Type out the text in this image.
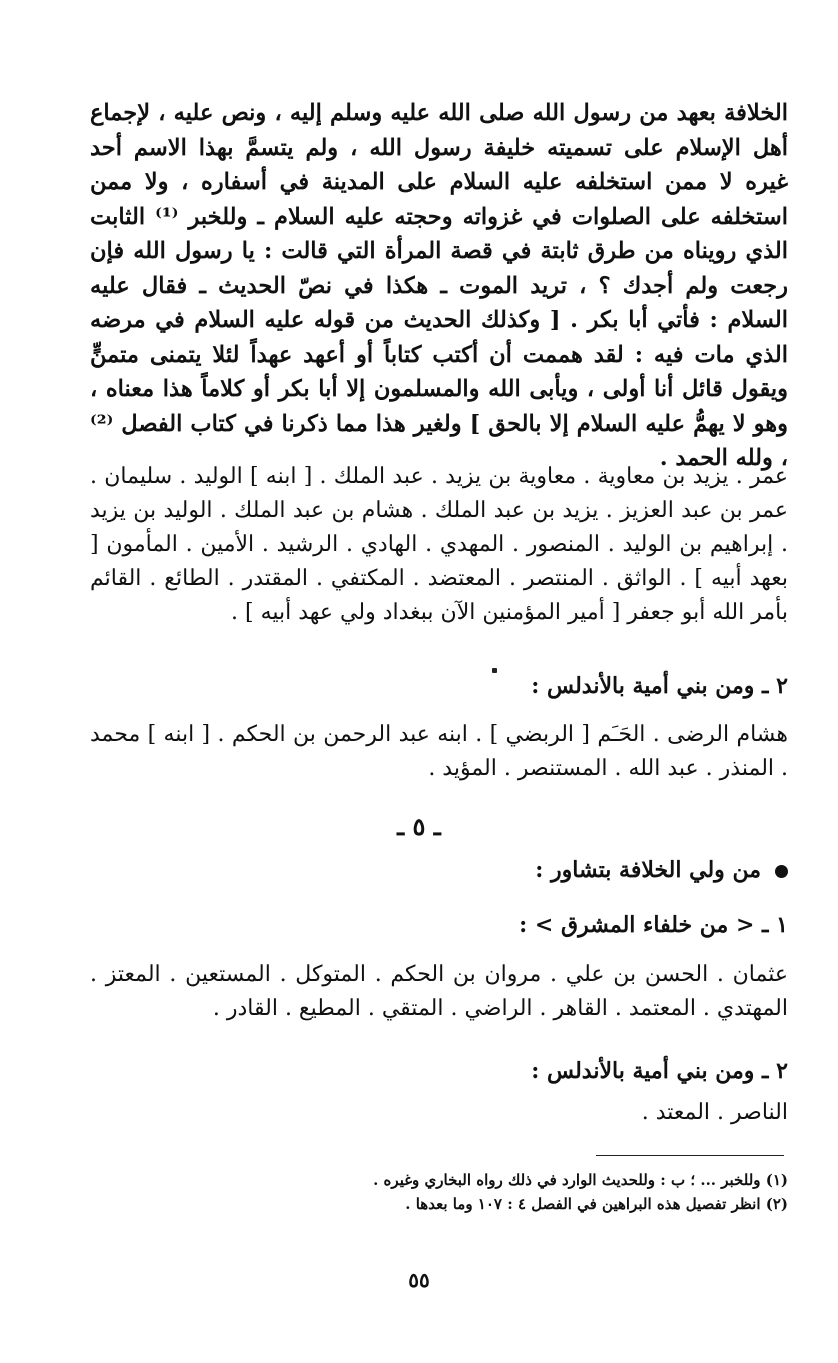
الخلافة بعهد من رسول الله صلى الله عليه وسلم إليه ، ونص عليه ، لإجماع أهل الإسلام على تسميته خليفة رسول الله ، ولم يتسمَّ بهذا الاسم أحد غيره لا ممن استخلفه عليه السلام على المدينة في أسفاره ، ولا ممن استخلفه على الصلوات في غزواته وحجته عليه السلام ـ وللخبر ⁽¹⁾ الثابت الذي رويناه من طرق ثابتة في قصة المرأة التي قالت : يا رسول الله فإن رجعت ولم أجدك ؟ ، تريد الموت ـ هكذا في نصّ الحديث ـ فقال عليه السلام : فأتي أبا بكر . [ وكذلك الحديث من قوله عليه السلام في مرضه الذي مات فيه : لقد هممت أن أكتب كتاباً أو أعهد عهداً لئلا يتمنى متمنٍّ ويقول قائل أنا أولى ، ويأبى الله والمسلمون إلا أبا بكر أو كلاماً هذا معناه ، وهو لا يهمُّ عليه السلام إلا بالحق ] ولغير هذا مما ذكرنا في كتاب الفصل ⁽²⁾ ، ولله الحمد .

عمر . يزيد بن معاوية . معاوية بن يزيد . عبد الملك . [ ابنه ] الوليد . سليمان . عمر بن عبد العزيز . يزيد بن عبد الملك . هشام بن عبد الملك . الوليد بن يزيد . إبراهيم بن الوليد . المنصور . المهدي . الهادي . الرشيد . الأمين . المأمون [ بعهد أبيه ] . الواثق . المنتصر . المعتضد . المكتفي . المقتدر . الطائع . القائم بأمر الله أبو جعفر [ أمير المؤمنين الآن ببغداد ولي عهد أبيه ] .

٢ ـ ومن بني أمية بالأندلس :

هشام الرضى . الحَـَم [ الربضي ] . ابنه عبد الرحمن بن الحكم . [ ابنه ] محمد . المنذر . عبد الله . المستنصر . المؤيد .

ـ ٥ ـ
من ولي الخلافة بتشاور :
١ ـ < من خلفاء المشرق > :

عثمان . الحسن بن علي . مروان بن الحكم . المتوكل . المستعين . المعتز . المهتدي . المعتمد . القاهر . الراضي . المتقي . المطيع . القادر .

٢ ـ ومن بني أمية بالأندلس :

الناصر . المعتد .

(١) وللخبر ... ؛ ب : وللحديث الوارد في ذلك رواه البخاري وغيره .
(٢) انظر تفصيل هذه البراهين في الفصل ٤ : ١٠٧ وما بعدها .
٥٥
